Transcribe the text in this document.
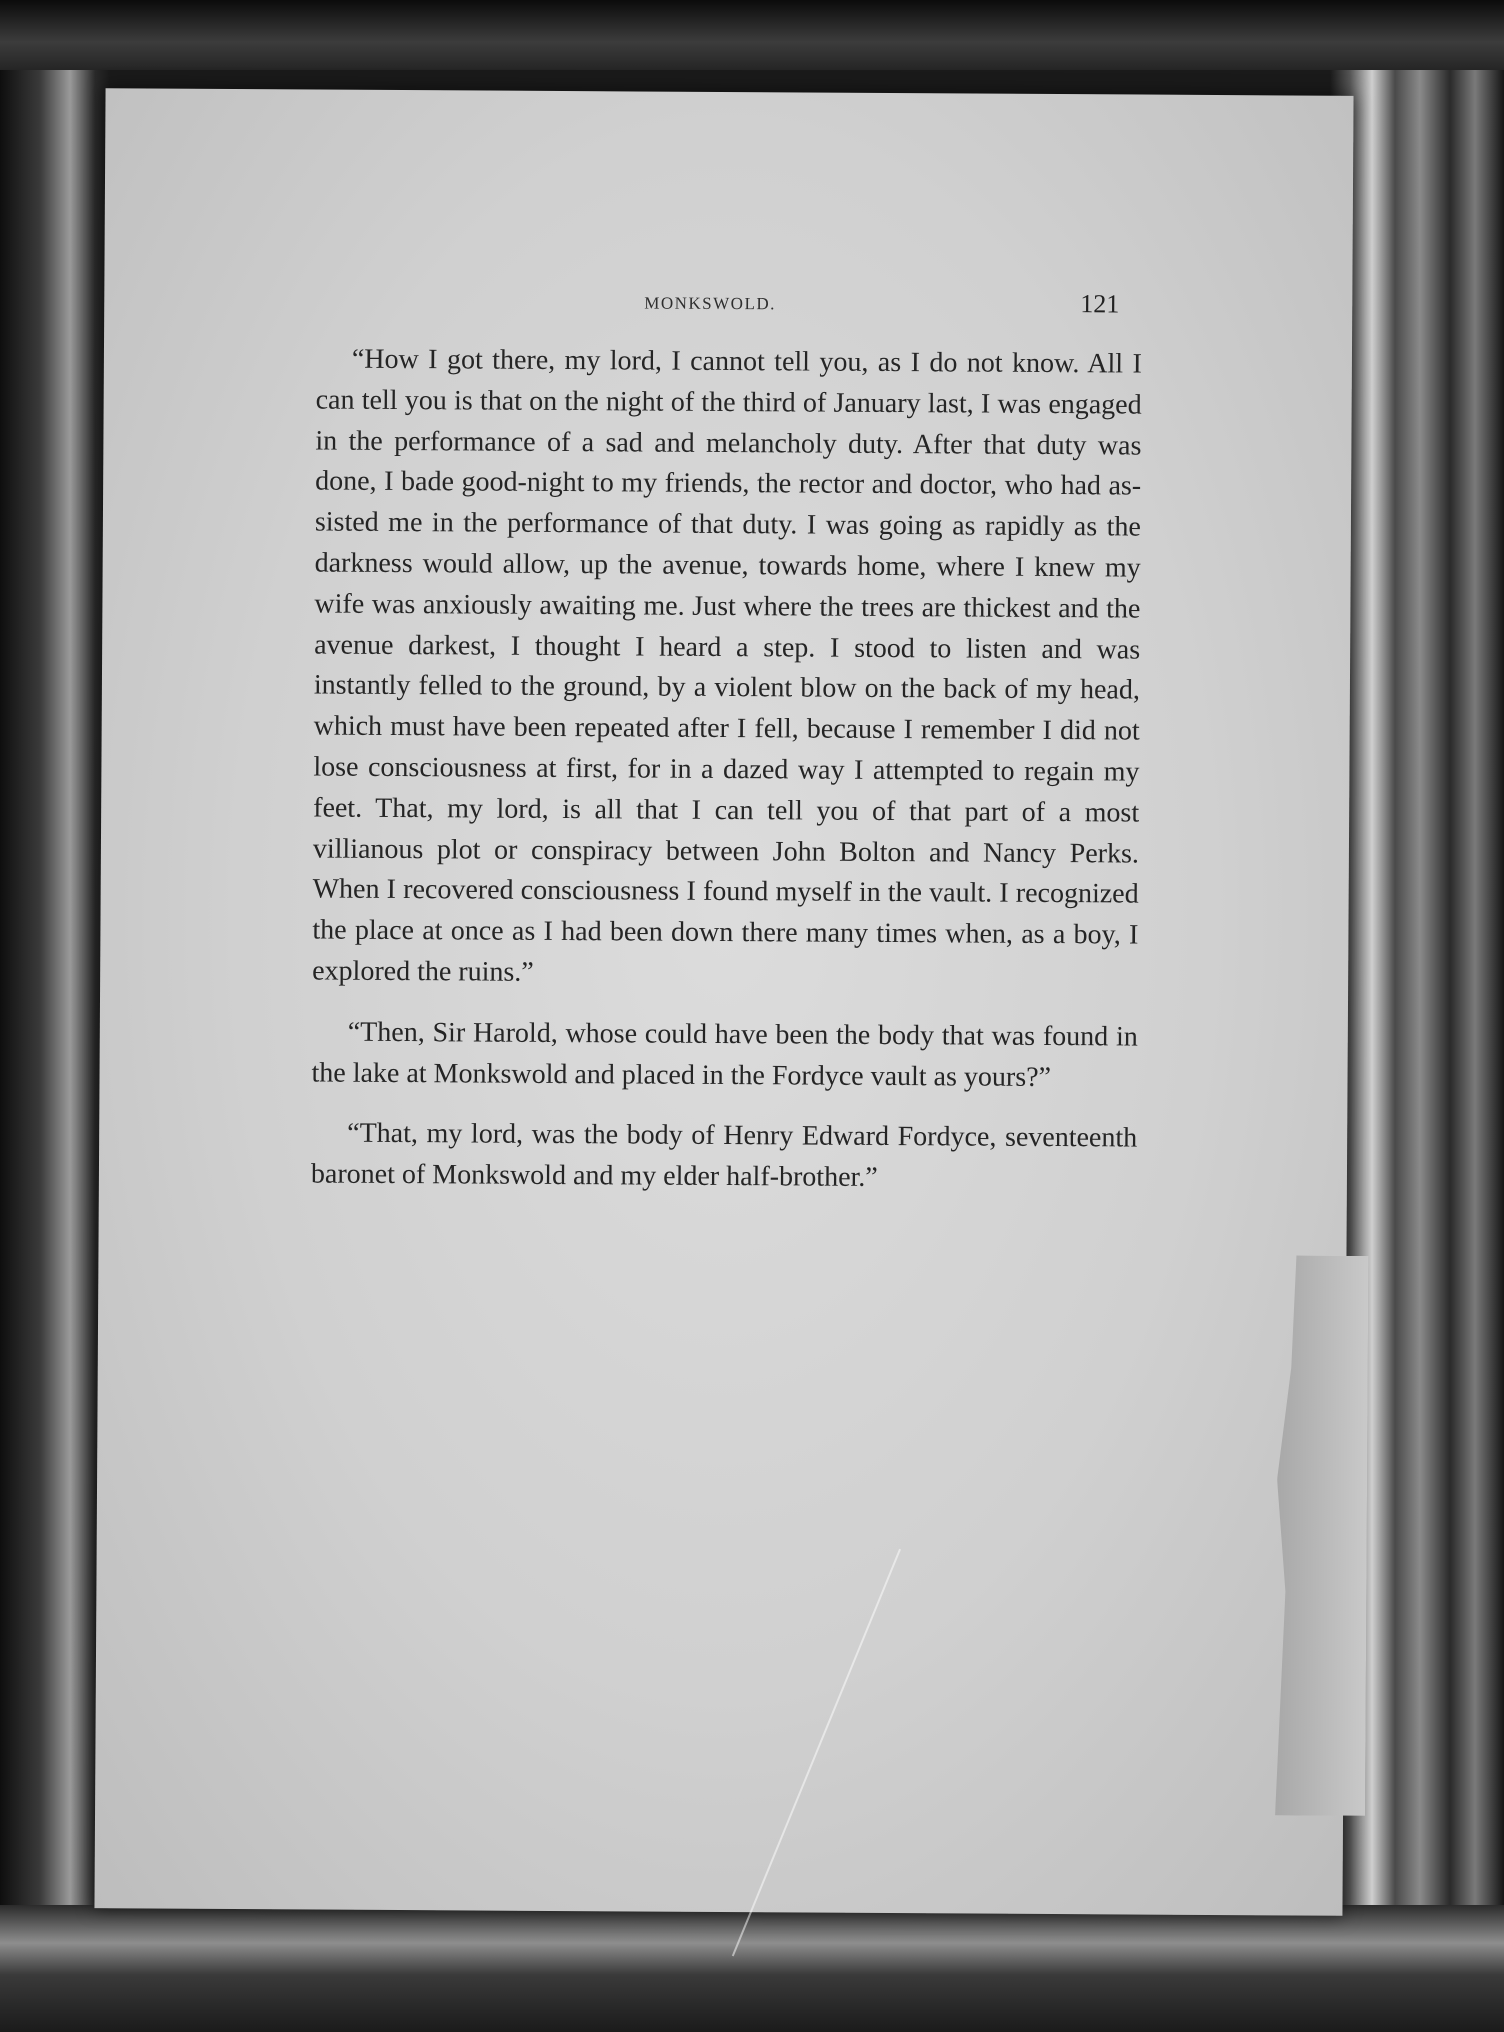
MONKSWOLD.	121

“How I got there, my lord, I cannot tell you, as I do not know. All I can tell you is that on the night of the third of January last, I was engaged in the performance of a sad and melancholy duty. After that duty was done, I bade good-night to my friends, the rector and doctor, who had assisted me in the performance of that duty. I was going as rapidly as the darkness would allow, up the avenue, towards home, where I knew my wife was anxiously awaiting me. Just where the trees are thickest and the avenue darkest, I thought I heard a step. I stood to listen and was instantly felled to the ground, by a violent blow on the back of my head, which must have been repeated after I fell, because I remember I did not lose consciousness at first, for in a dazed way I attempted to regain my feet. That, my lord, is all that I can tell you of that part of a most villianous plot or conspiracy between John Bolton and Nancy Perks. When I recovered consciousness I found myself in the vault. I recognized the place at once as I had been down there many times when, as a boy, I explored the ruins.”

“Then, Sir Harold, whose could have been the body that was found in the lake at Monkswold and placed in the Fordyce vault as yours?”

“That, my lord, was the body of Henry Edward Fordyce, seventeenth baronet of Monkswold and my elder half-brother.”
